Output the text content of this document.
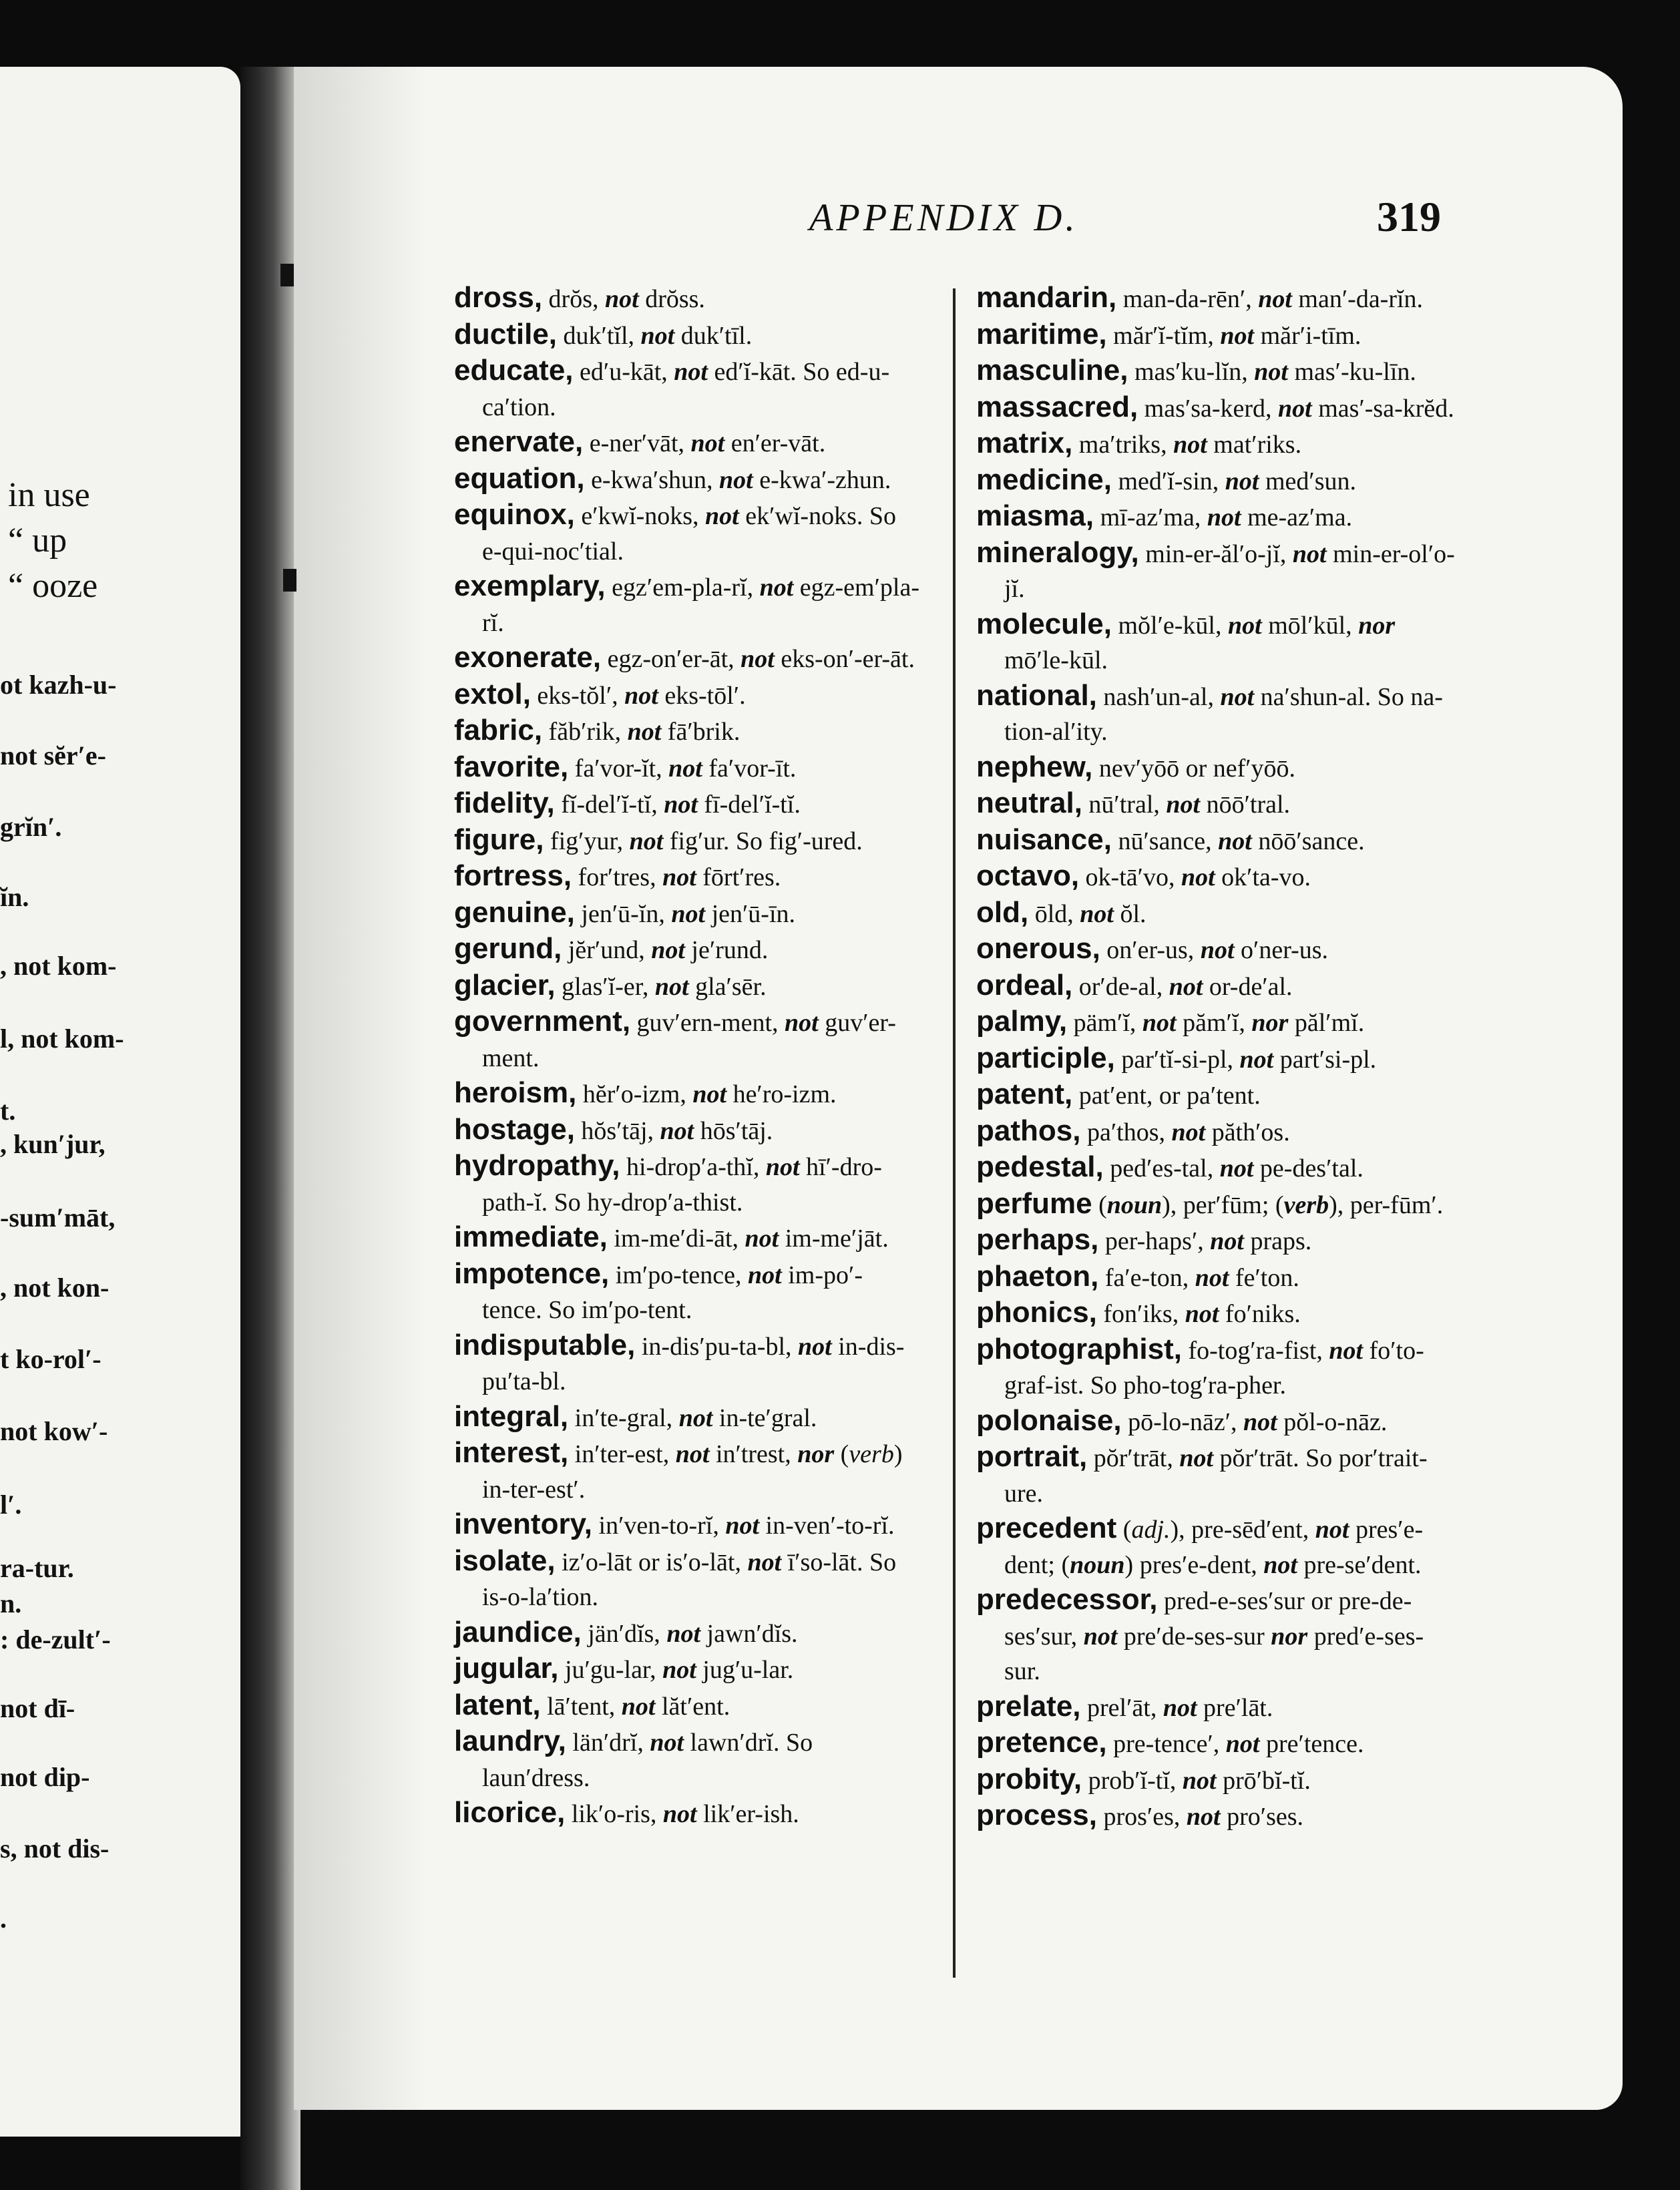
in use
“ up
“ ooze
ot kazh-u-
not sĕr′e-
grĭn′.
ĭn.
, not kom-
l, not kom-
t.
, kun′jur,
-sum′māt,
, not kon-
t ko-rol′-
not kow′-
l′.
ra-tur.
n.
: de-zult′-
not dī-
not dip-
s, not dis-
.
APPENDIX D.	319

dross, drŏs, not drŏss.

ductile, duk′tĭl, not duk′tīl.

educate, ed′u-kāt, not ed′ĭ-kāt. So ed-u-ca′tion.

enervate, e-ner′vāt, not en′er-vāt.

equation, e-kwa′shun, not e-kwa′-zhun.

equinox, e′kwĭ-noks, not ek′wĭ-noks. So e-qui-noc′tial.

exemplary, egz′em-pla-rĭ, not egz-em′pla-rĭ.

exonerate, egz-on′er-āt, not eks-on′-er-āt.

extol, eks-tŏl′, not eks-tōl′.

fabric, făb′rik, not fā′brik.

favorite, fa′vor-ĭt, not fa′vor-īt.

fidelity, fĭ-del′ĭ-tĭ, not fī-del′ĭ-tĭ.

figure, fig′yur, not fig′ur. So fig′-ured.

fortress, for′tres, not fōrt′res.

genuine, jen′ū-ĭn, not jen′ū-īn.

gerund, jĕr′und, not je′rund.

glacier, glas′ĭ-er, not gla′sēr.

government, guv′ern-ment, not guv′er-ment.

heroism, hĕr′o-izm, not he′ro-izm.

hostage, hŏs′tāj, not hōs′tāj.

hydropathy, hi-drop′a-thĭ, not hī′-dro-path-ĭ. So hy-drop′a-thist.

immediate, im-me′di-āt, not im-me′jāt.

impotence, im′po-tence, not im-po′-tence. So im′po-tent.

indisputable, in-dis′pu-ta-bl, not in-dis-pu′ta-bl.

integral, in′te-gral, not in-te′gral.

interest, in′ter-est, not in′trest, nor (verb) in-ter-est′.

inventory, in′ven-to-rĭ, not in-ven′-to-rĭ.

isolate, iz′o-lāt or is′o-lāt, not ī′so-lāt. So is-o-la′tion.

jaundice, jän′dĭs, not jawn′dĭs.

jugular, ju′gu-lar, not jug′u-lar.

latent, lā′tent, not lăt′ent.

laundry, län′drĭ, not lawn′drĭ. So laun′dress.

licorice, lik′o-ris, not lik′er-ish.

mandarin, man-da-rēn′, not man′-da-rĭn.

maritime, măr′ĭ-tĭm, not măr′i-tīm.

masculine, mas′ku-lĭn, not mas′-ku-līn.

massacred, mas′sa-kerd, not mas′-sa-krĕd.

matrix, ma′triks, not mat′riks.

medicine, med′ĭ-sin, not med′sun.

miasma, mī-az′ma, not me-az′ma.

mineralogy, min-er-ăl′o-jĭ, not min-er-ol′o-jĭ.

molecule, mŏl′e-kūl, not mōl′kūl, nor mō′le-kūl.

national, nash′un-al, not na′shun-al. So na-tion-al′ity.

nephew, nev′yōō or nef′yōō.

neutral, nū′tral, not nōō′tral.

nuisance, nū′sance, not nōō′sance.

octavo, ok-tā′vo, not ok′ta-vo.

old, ōld, not ŏl.

onerous, on′er-us, not o′ner-us.

ordeal, or′de-al, not or-de′al.

palmy, päm′ĭ, not păm′ĭ, nor păl′mĭ.

participle, par′tĭ-si-pl, not part′si-pl.

patent, pat′ent, or pa′tent.

pathos, pa′thos, not păth′os.

pedestal, ped′es-tal, not pe-des′tal.

perfume (noun), per′fūm; (verb), per-fūm′.

perhaps, per-haps′, not praps.

phaeton, fa′e-ton, not fe′ton.

phonics, fon′iks, not fo′niks.

photographist, fo-tog′ra-fist, not fo′to-graf-ist. So pho-tog′ra-pher.

polonaise, pō-lo-nāz′, not pŏl-o-nāz.

portrait, pŏr′trāt, not pŏr′trāt. So por′trait-ure.

precedent (adj.), pre-sēd′ent, not pres′e-dent; (noun) pres′e-dent, not pre-se′dent.

predecessor, pred-e-ses′sur or pre-de-ses′sur, not pre′de-ses-sur nor pred′e-ses-sur.

prelate, prel′āt, not pre′lāt.

pretence, pre-tence′, not pre′tence.

probity, prob′ĭ-tĭ, not prō′bĭ-tĭ.

process, pros′es, not pro′ses.
